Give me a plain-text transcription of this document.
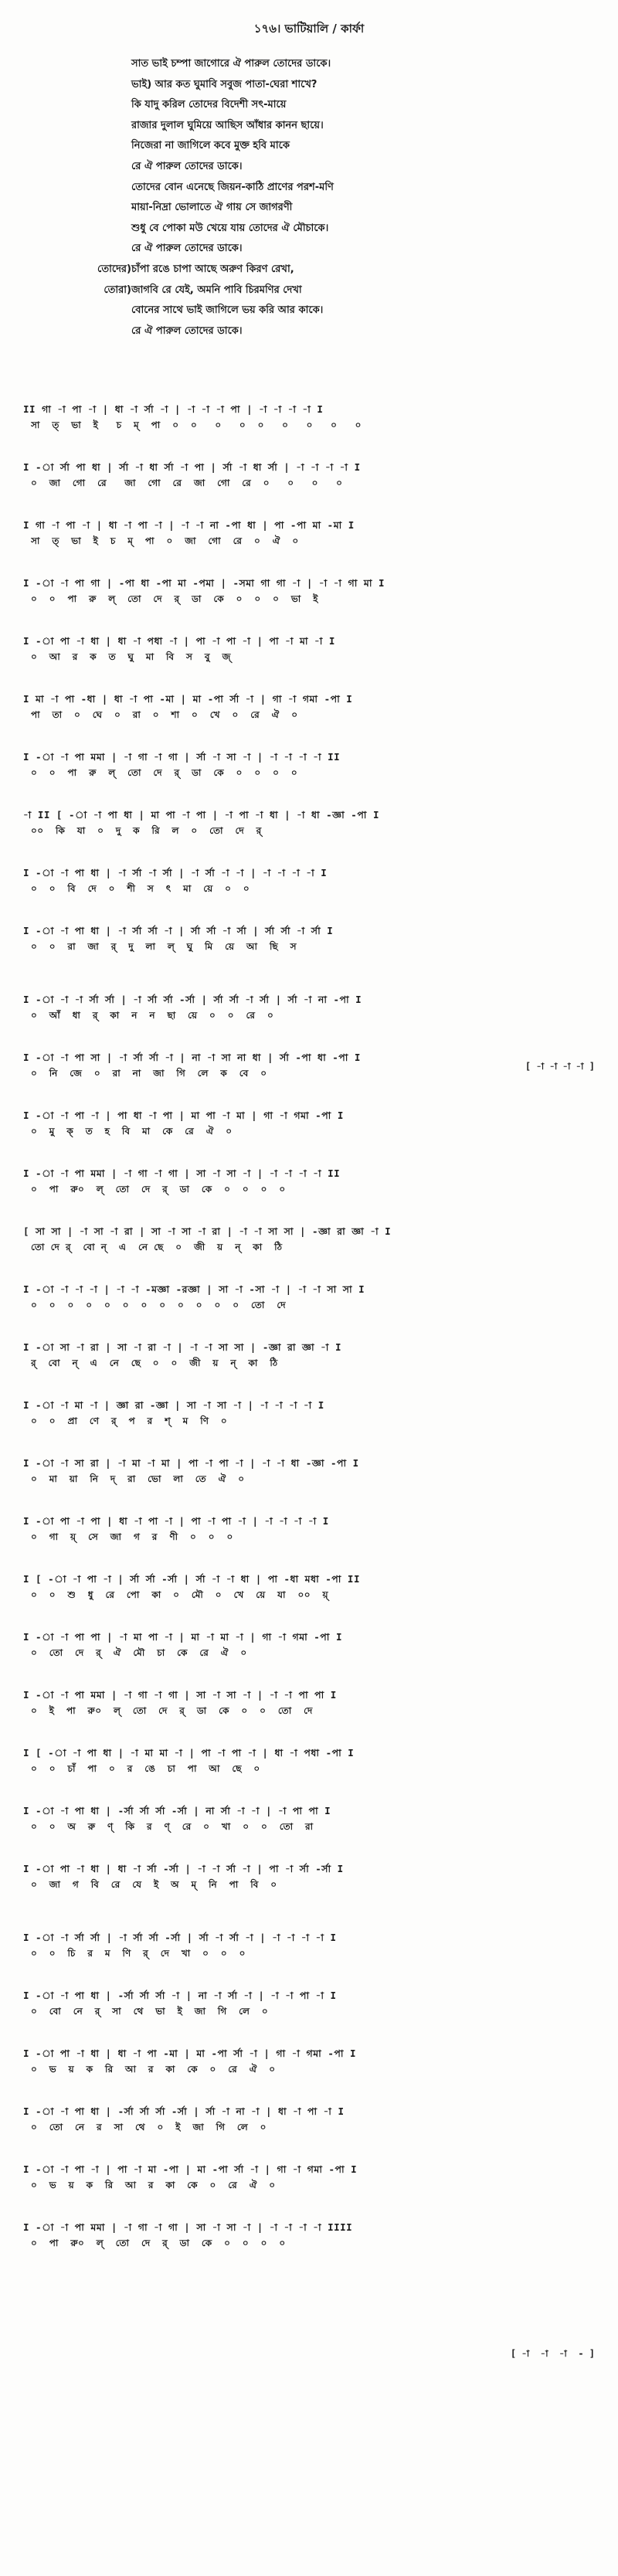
১৭৬। ভাটিয়ালি / কার্ফা
সাত ভাই চম্পা জাগোরে ঐ পারুল তোদের ডাকে।
ভাই) আর কত ঘুমাবি সবুজ পাতা-ঘেরা শাখে?
কি যাদু করিল তোদের বিদেশী সৎ-মায়ে
রাজার দুলাল ঘুমিয়ে আছিস আঁধার কানন ছায়ে।
নিজেরা না জাগিলে কবে মুক্ত হবি মাকে
রে ঐ পারুল তোদের ডাকে।
তোদের বোন এনেছে জিয়ন-কাঠি প্রাণের পরশ-মণি
মায়া-নিদ্রা ভোলাতে ঐ গায় সে জাগরণী
শুধু বে পোকা মউ খেয়ে যায় তোদের ঐ মৌচাকে।
রে ঐ পারুল তোদের ডাকে।
তোদের) চাঁপা রঙে চাপা আছে অরুণ কিরণ রেখা,
তোরা) জাগবি রে যেই, অমনি পাবি চিরমণির দেখা
বোনের সাথে ভাই জাগিলে ভয় করি আর কাকে।
রে ঐ পারুল তোদের ডাকে।
II গা -া পা -া | ধা -া র্সা -া | -া -া -া পা | -া -া -া -া I
সা  ত্  ভা  ই   চ  ম্  পা  ০  ০   ০   ০  ০   ০   ০   ০   ০
I -া র্সা পা ধা | র্সা -া ধা র্সা -া পা | র্সা -া ধা র্সা | -া -া -া -া I
০  জা  গো  রে   জা  গো  রে  জা  গো  রে  ০   ০   ০   ০
I গা -া পা -া | ধা -া পা -া | -া -া না -পা ধা | পা -পা মা -মা I
সা  ত্  ভা  ই  চ  ম্  পা  ০  জা  গো  রে  ০  ঐ  ০
I -া -া পা গা | -পা ধা -পা মা -পমা | -সমা গা গা -া | -া -া গা মা I
০  ০  পা  রু  ল্  তো  দে  র্  ডা  কে  ০  ০  ০  ভা  ই
I -া পা -া ধা | ধা -া পধা -া | পা -া পা -া | পা -া মা -া I
০  আ  র  ক  ত  ঘু  মা  বি  স  বু  জ্
I মা -া পা -ধা | ধা -া পা -মা | মা -পা র্সা -া | গা -া গমা -পা I
পা  তা  ০  ঘে  ০  রা  ০  শা  ০  খে  ০  রে  ঐ  ০
I -া -া পা মমা | -া গা -া গা | র্সা -া সা -া | -া -া -া -া II
০  ০  পা  রু  ল্  তো  দে  র্  ডা  কে  ০  ০  ০  ০
-া II [ -া -া পা ধা | মা পা -া পা | -া পা -া ধা | -া ধা -জ্ঞা -পা I
০০  কি  যা  ০  দু  ক  রি  ল  ০  তো  দে  র্
I -া -া পা ধা | -া র্সা -া র্সা | -া র্সা -া -া | -া -া -া -া I
০  ০  বি  দে  ০  শী  স  ৎ  মা  য়ে  ০  ০
I -া -া পা ধা | -া র্সা র্সা -া | র্সা র্সা -া র্সা | র্সা র্সা -া র্সা I
০  ০  রা  জা  র্  দু  লা  ল্  ঘু  মি  য়ে  আ  ছি  স
I -া -া -া র্সা র্সা | -া র্সা র্সা -র্সা | র্সা র্সা -া র্সা | র্সা -া না -পা I
০  আঁ  ধা  র্  কা  ন  ন  ছা  য়ে  ০  ০  রে  ০
I -া -া পা সা | -া র্সা র্সা -া | না -া সা না ধা | র্সা -পা ধা -পা I
০  নি  জে  ০  রা  না  জা  গি  লে  ক  বে  ০
I -া -া পা -া | পা ধা -া পা | মা পা -া মা | গা -া গমা -পা I
০  মু  ক্  ত  হ  বি  মা  কে  রে  ঐ  ০
I -া -া পা মমা | -া গা -া গা | সা -া সা -া | -া -া -া -া II
০  পা  রু০  ল্  তো  দে  র্  ডা  কে  ০  ০  ০  ০
[ সা সা | -া সা -া রা | সা -া সা -া রা | -া -া সা সা | -জ্ঞা রা জ্ঞা -া I
তো দে র্  বো ন্  এ  নে ছে  ০  জী  য়  ন্  কা  ঠি
I -া -া -া -া | -া -া -মজ্ঞা -রজ্ঞা | সা -া -সা -া | -া -া সা সা I
০  ০  ০  ০  ০  ০  ০  ০  ০  ০  ০  ০  তো  দে
I -া সা -া রা | সা -া রা -া | -া -া সা সা | -জ্ঞা রা জ্ঞা -া I
র্  বো  ন্  এ  নে  ছে  ০  ০  জী  য়  ন্  কা  ঠি
I -া -া মা -া | জ্ঞা রা -জ্ঞা | সা -া সা -া | -া -া -া -া I
০  ০  প্রা  ণে  র্  প  র  শ্  ম  ণি  ০
I -া -া সা রা | -া মা -া মা | পা -া পা -া | -া -া ধা -জ্ঞা -পা I
০  মা  য়া  নি  দ্  রা  ভো  লা  তে  ঐ  ০
I -া পা -া পা | ধা -া পা -া | পা -া পা -া | -া -া -া -া I
০  গা  য়্  সে  জা  গ  র  ণী  ০  ০  ০
I [ -া -া পা -া | র্সা র্সা -র্সা | র্সা -া -া ধা | পা -ধা মধা -পা II
০  ০  শু  ধু  রে  পো  কা  ০  মৌ  ০  খে  য়ে  যা  ০০  য়্
I -া -া পা পা | -া মা পা -া | মা -া মা -া | গা -া গমা -পা I
০  তো  দে  র্  ঐ  মৌ  চা  কে  রে  ঐ  ০
I -া -া পা মমা | -া গা -া গা | সা -া সা -া | -া -া পা পা I
০  ই  পা  রু০  ল্  তো  দে  র্  ডা  কে  ০  ০  তো  দে
I [ -া -া পা ধা | -া মা মা -া | পা -া পা -া | ধা -া পধা -পা I
০  ০  চাঁ  পা  ০  র  ঙে  চা  পা  আ  ছে  ০
I -া -া পা ধা | -র্সা র্সা র্সা -র্সা | না র্সা -া -া | -া পা পা I
০  ০  অ  রু  ণ্  কি  র  ণ্  রে  ০  খা  ০  ০  তো  রা
I -া পা -া ধা | ধা -া র্সা -র্সা | -া -া র্সা -া | পা -া র্সা -র্সা I
০  জা  গ  বি  রে  যে  ই  অ  ম্  নি  পা  বি  ০
I -া -া র্সা র্সা | -া র্সা র্সা -র্সা | র্সা -া র্সা -া | -া -া -া -া I
০  ০  চি  র  ম  ণি  র্  দে  খা  ০  ০  ০
I -া -া পা ধা | -র্সা র্সা র্সা -া | না -া র্সা -া | -া -া পা -া I
০  বো  নে  র্  সা  থে  ভা  ই  জা  গি  লে  ০
I -া পা -া ধা | ধা -া পা -মা | মা -পা র্সা -া | গা -া গমা -পা I
০  ভ  য়  ক  রি  আ  র  কা  কে  ০  রে  ঐ  ০
I -া -া পা ধা | -র্সা র্সা র্সা -র্সা | র্সা -া না -া | ধা -া পা -া I
০  তো  নে  র  সা  থে  ০  ই  জা  গি  লে  ০
I -া -া পা -া | পা -া মা -পা | মা -পা র্সা -া | গা -া গমা -পা I
০  ভ  য়  ক  রি  আ  র  কা  কে  ০  রে  ঐ  ০
I -া -া পা মমা | -া গা -া গা | সা -া সা -া | -া -া -া -া IIII
০  পা  রু০  ল্  তো  দে  র্  ডা  কে  ০  ০  ০  ০
[ -া -া -া -া ]
[ -া  -া  -া  - ]
